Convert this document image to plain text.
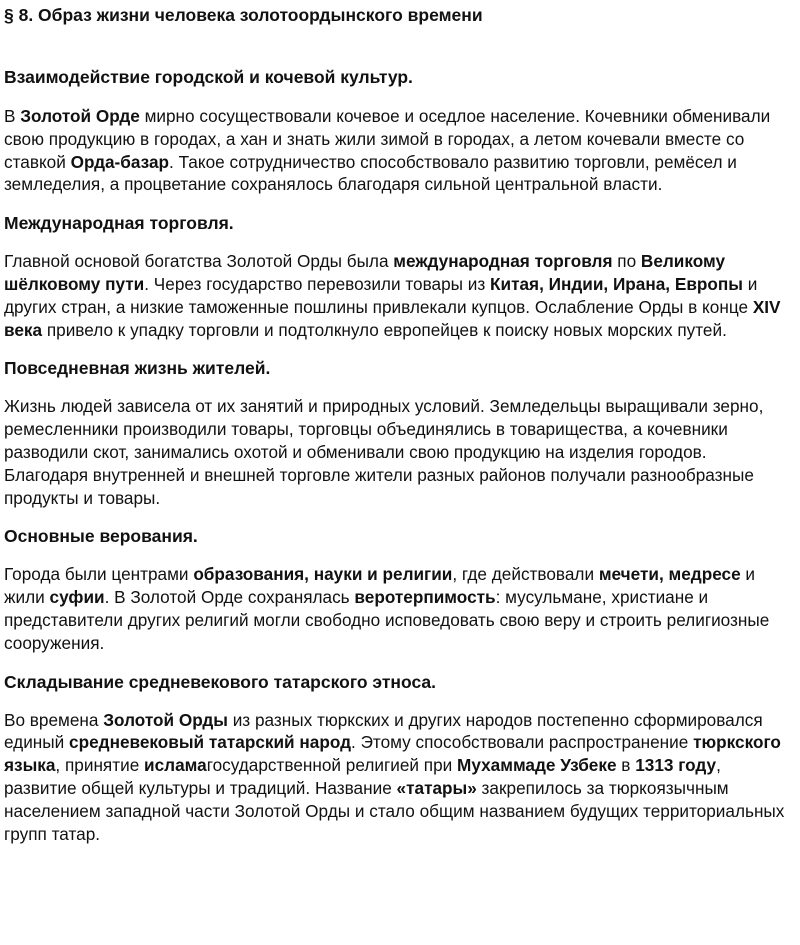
§ 8. Образ жизни человека золотоордынского времени
Взаимодействие городской и кочевой культур.

В Золотой Орде мирно сосуществовали кочевое и оседлое население. Кочевники обменивали свою продукцию в городах, а хан и знать жили зимой в городах, а летом кочевали вместе со ставкой Орда-базар. Такое сотрудничество способствовало развитию торговли, ремёсел и земледелия, а процветание сохранялось благодаря сильной центральной власти.

Международная торговля.

Главной основой богатства Золотой Орды была международная торговля по Великому шёлковому пути. Через государство перевозили товары из Китая, Индии, Ирана, Европы и других стран, а низкие таможенные пошлины привлекали купцов. Ослабление Орды в конце XIV века привело к упадку торговли и подтолкнуло европейцев к поиску новых морских путей.

Повседневная жизнь жителей.

Жизнь людей зависела от их занятий и природных условий. Земледельцы выращивали зерно, ремесленники производили товары, торговцы объединялись в товарищества, а кочевники разводили скот, занимались охотой и обменивали свою продукцию на изделия городов. Благодаря внутренней и внешней торговле жители разных районов получали разнообразные продукты и товары.

Основные верования.

Города были центрами образования, науки и религии, где действовали мечети, медресе и жили суфии. В Золотой Орде сохранялась веротерпимость: мусульмане, христиане и представители других религий могли свободно исповедовать свою веру и строить религиозные сооружения.

Складывание средневекового татарского этноса.

Во времена Золотой Орды из разных тюркских и других народов постепенно сформировался единый средневековый татарский народ. Этому способствовали распространение тюркского языка, принятие исламагосударственной религией при Мухаммаде Узбеке в 1313 году, развитие общей культуры и традиций. Название «татары» закрепилось за тюркоязычным населением западной части Золотой Орды и стало общим названием будущих территориальных групп татар.
